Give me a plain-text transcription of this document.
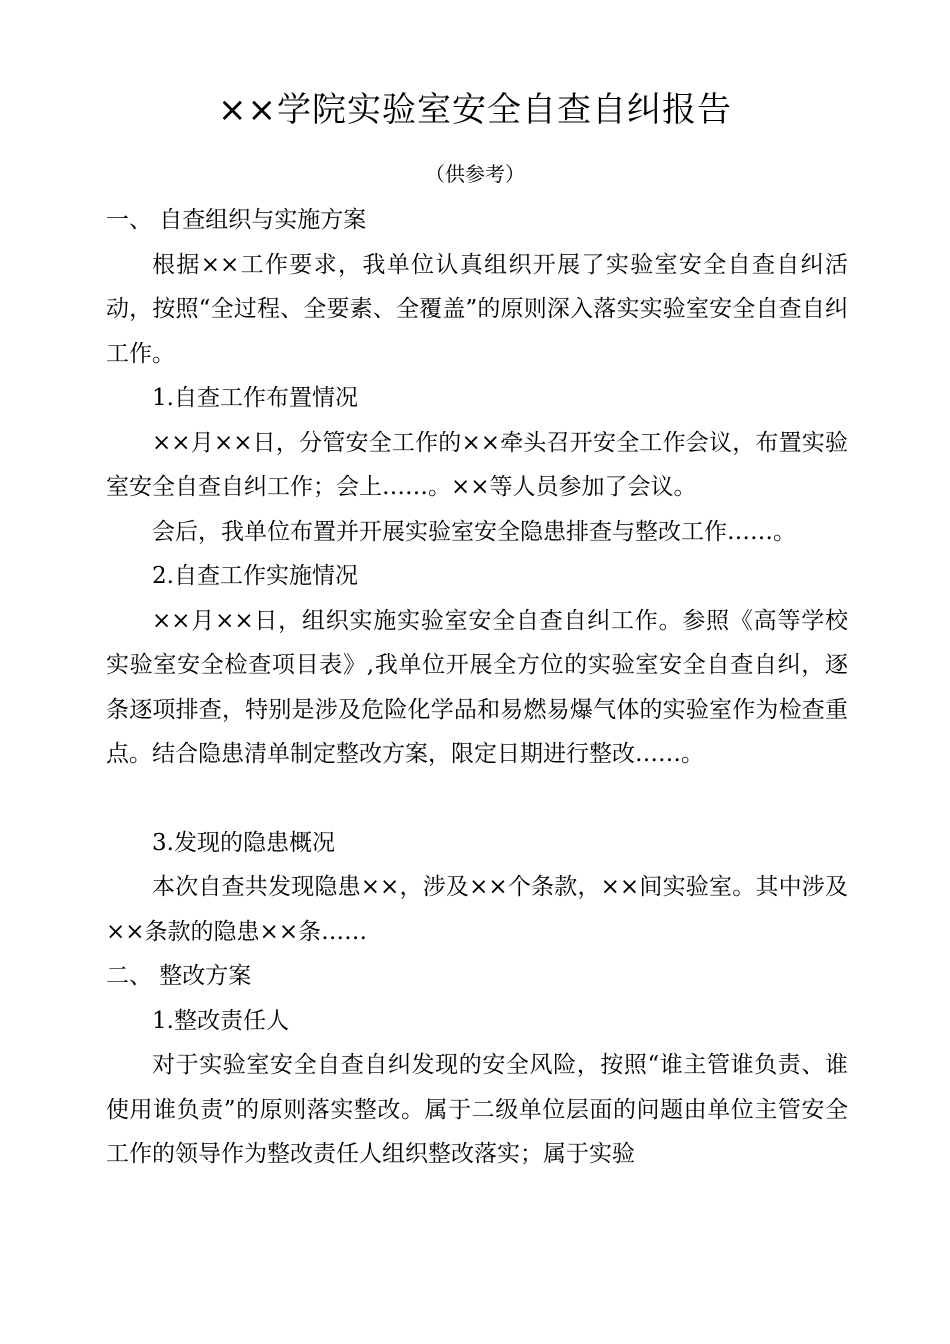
××学院实验室安全自查自纠报告
（供参考）

一、 自查组织与实施方案

根据××工作要求，我单位认真组织开展了实验室安全自查自纠活动，按照“全过程、全要素、全覆盖”的原则深入落实实验室安全自查自纠工作。

1.自查工作布置情况

××月××日，分管安全工作的××牵头召开安全工作会议，布置实验室安全自查自纠工作；会上……。××等人员参加了会议。

会后，我单位布置并开展实验室安全隐患排查与整改工作……。

2.自查工作实施情况

××月××日，组织实施实验室安全自查自纠工作。参照《高等学校实验室安全检查项目表》,我单位开展全方位的实验室安全自查自纠，逐条逐项排查，特别是涉及危险化学品和易燃易爆气体的实验室作为检查重点。结合隐患清单制定整改方案，限定日期进行整改……。

3.发现的隐患概况

本次自查共发现隐患××，涉及××个条款，××间实验室。其中涉及××条款的隐患××条……

二、 整改方案

1.整改责任人

对于实验室安全自查自纠发现的安全风险，按照“谁主管谁负责、谁使用谁负责”的原则落实整改。属于二级单位层面的问题由单位主管安全工作的领导作为整改责任人组织整改落实；属于实验
